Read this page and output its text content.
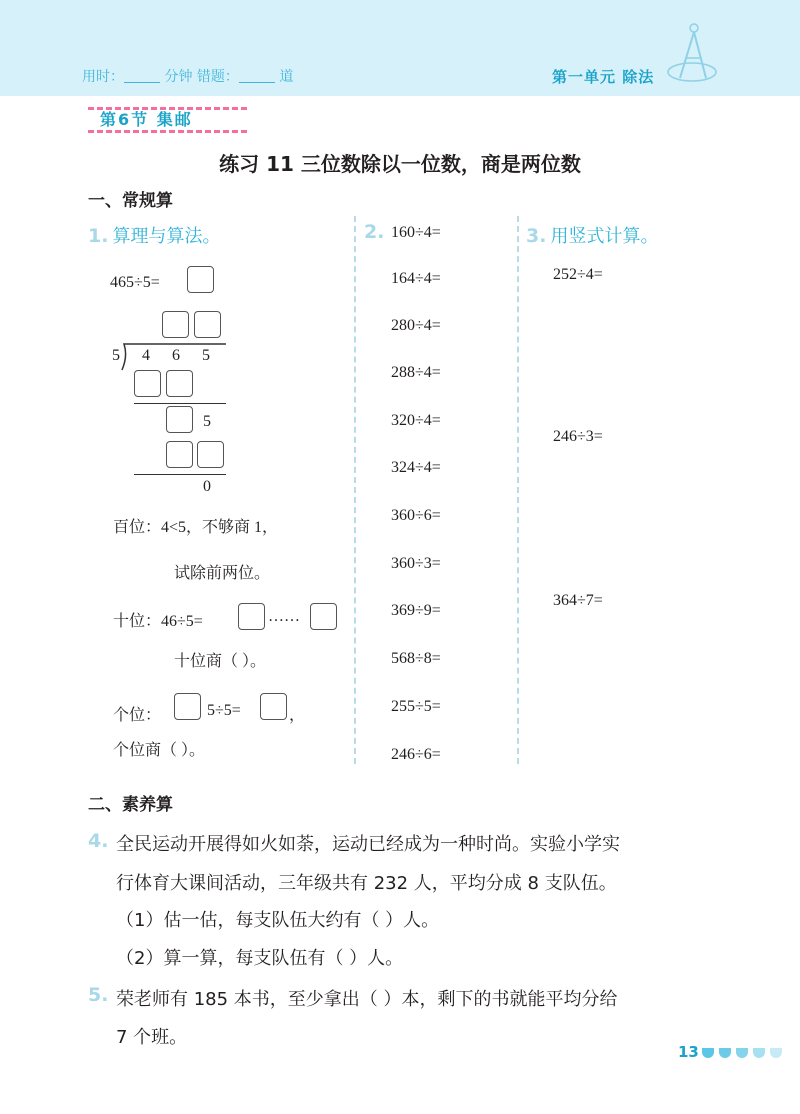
用时：	分钟 错题：	道	第一单元 除法
第6节 集邮
练习 11 三位数除以一位数，商是两位数
一、常规算
1. 算理与算法。
465÷5=
5 4 6 5
5
0
百位：4<5，不够商 1，
试除前两位。
十位：46÷5=	……
十位商（ ）。
个位：	5÷5=	，
个位商（ ）。
2. 160÷4=
164÷4=
280÷4=
288÷4=
320÷4=
324÷4=
360÷6=
360÷3=
369÷9=
568÷8=
255÷5=
246÷6=
3. 用竖式计算。
252÷4=
246÷3=
364÷7=
二、素养算
4. 全民运动开展得如火如荼，运动已经成为一种时尚。实验小学实
行体育大课间活动，三年级共有 232 人，平均分成 8 支队伍。
（1）估一估，每支队伍大约有（ ）人。
（2）算一算，每支队伍有（ ）人。
5. 荣老师有 185 本书，至少拿出（ ）本，剩下的书就能平均分给
7 个班。
13
